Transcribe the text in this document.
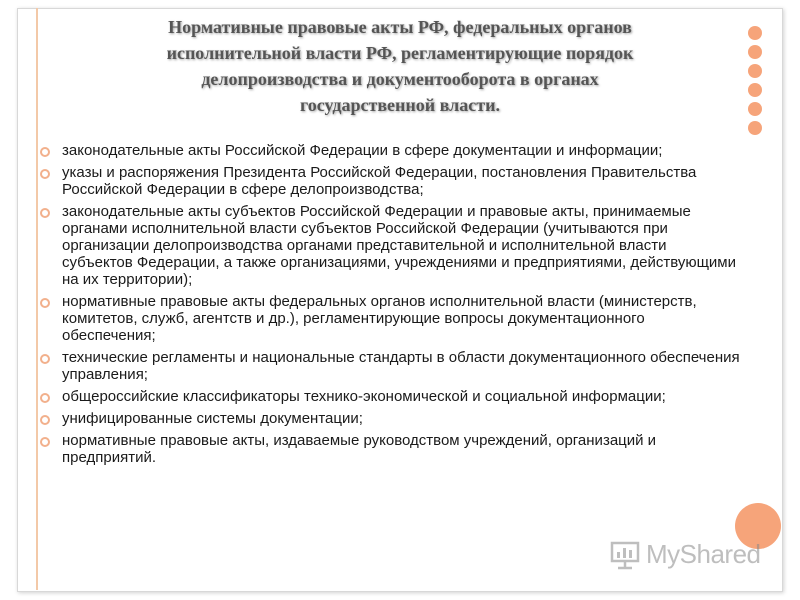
Нормативные правовые акты РФ, федеральных органов
исполнительной власти РФ, регламентирующие порядок
делопроизводства и документооборота в органах
государственной власти.
законодательные акты Российской Федерации в сфере документации и информации;
указы и распоряжения Президента Российской Федерации, постановления Правительства Российской Федерации в сфере делопроизводства;
законодательные акты субъектов Российской Федерации и правовые акты, принимаемые органами исполнительной власти субъектов Российской Федерации (учитываются при организации делопроизводства органами представительной и исполнительной власти субъектов Федерации, а также организациями, учреждениями и предприятиями, действующими на их территории);
нормативные правовые акты федеральных органов исполнительной власти (министерств, комитетов, служб, агентств и др.), регламентирующие вопросы документационного обеспечения;
технические регламенты и национальные стандарты в области документационного обеспечения управления;
общероссийские классификаторы технико-экономической и социальной информации;
унифицированные системы документации;
нормативные правовые акты, издаваемые руководством учреждений, организаций и предприятий.
MyShared
